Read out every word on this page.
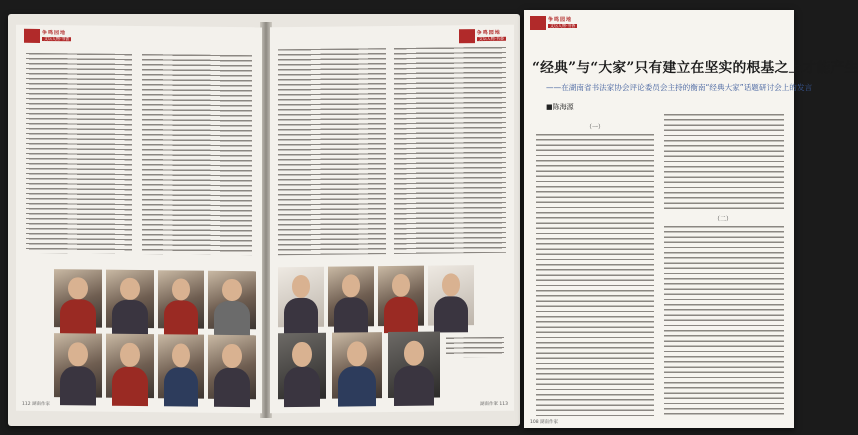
争鸣园地
文坛人物·书香
112 湖南作家
争鸣园地
文坛人物·书香
湖南作家 113
争鸣园地
文坛人物·书香
“经典”与“大家”只有建立在坚实的根基之上才能产生
——在湖南省书法家协会评论委员会主持的衡南“经典大家”话题研讨会上的发言
■陈海源
（一）
（二）
108 湖南作家
